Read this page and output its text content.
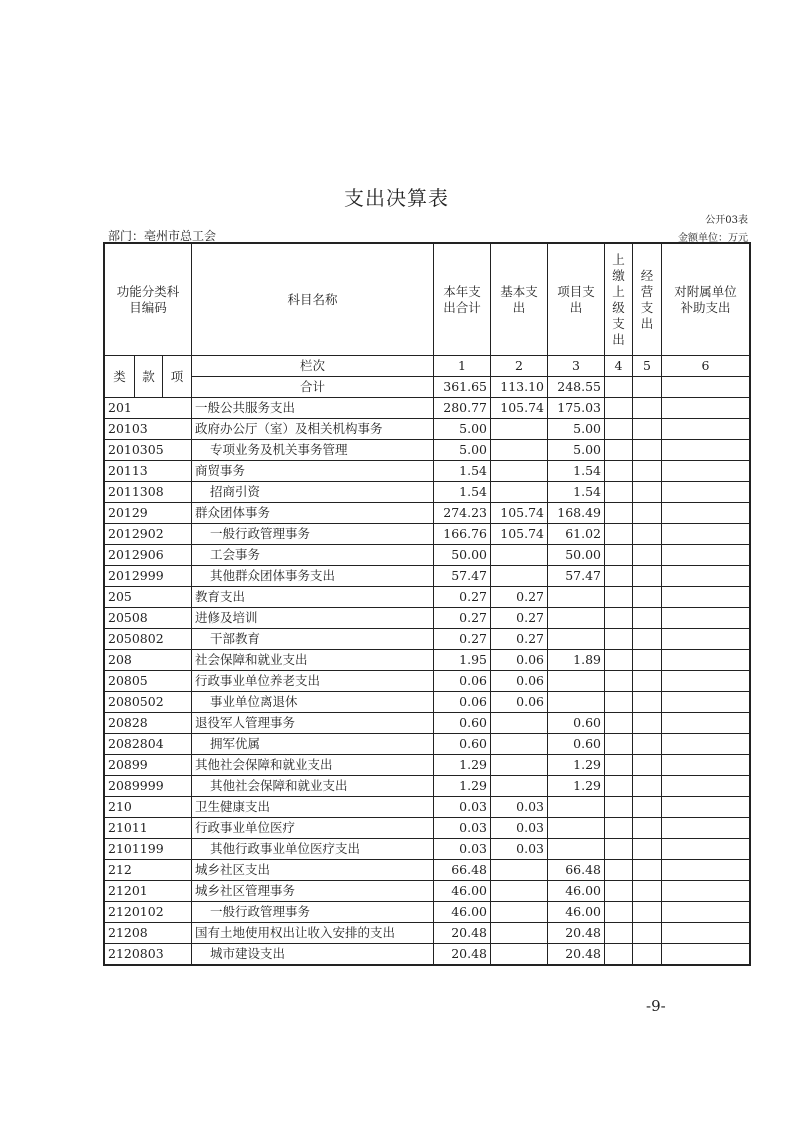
支出决算表
公开03表
部门：亳州市总工会	金额单位：万元
功能分类科目编码			科目名称	本年支出合计	基本支出	项目支出	上缴上级支出	经营支出	对附属单位补助支出
类	款	项	栏次	1	2	3	4	5	6
			合计	361.65	113.10	248.55			
201			一般公共服务支出	280.77	105.74	175.03			
20103			政府办公厅（室）及相关机构事务	5.00		5.00			
2010305			专项业务及机关事务管理	5.00		5.00			
20113			商贸事务	1.54		1.54			
2011308			招商引资	1.54		1.54			
20129			群众团体事务	274.23	105.74	168.49			
2012902			一般行政管理事务	166.76	105.74	61.02			
2012906			工会事务	50.00		50.00			
2012999			其他群众团体事务支出	57.47		57.47			
205			教育支出	0.27	0.27				
20508			进修及培训	0.27	0.27				
2050802			干部教育	0.27	0.27				
208			社会保障和就业支出	1.95	0.06	1.89			
20805			行政事业单位养老支出	0.06	0.06				
2080502			事业单位离退休	0.06	0.06				
20828			退役军人管理事务	0.60		0.60			
2082804			拥军优属	0.60		0.60			
20899			其他社会保障和就业支出	1.29		1.29			
2089999			其他社会保障和就业支出	1.29		1.29			
210			卫生健康支出	0.03	0.03				
21011			行政事业单位医疗	0.03	0.03				
2101199			其他行政事业单位医疗支出	0.03	0.03				
212			城乡社区支出	66.48		66.48			
21201			城乡社区管理事务	46.00		46.00			
2120102			一般行政管理事务	46.00		46.00			
21208			国有土地使用权出让收入安排的支出	20.48		20.48			
2120803			城市建设支出	20.48		20.48			
-9-
